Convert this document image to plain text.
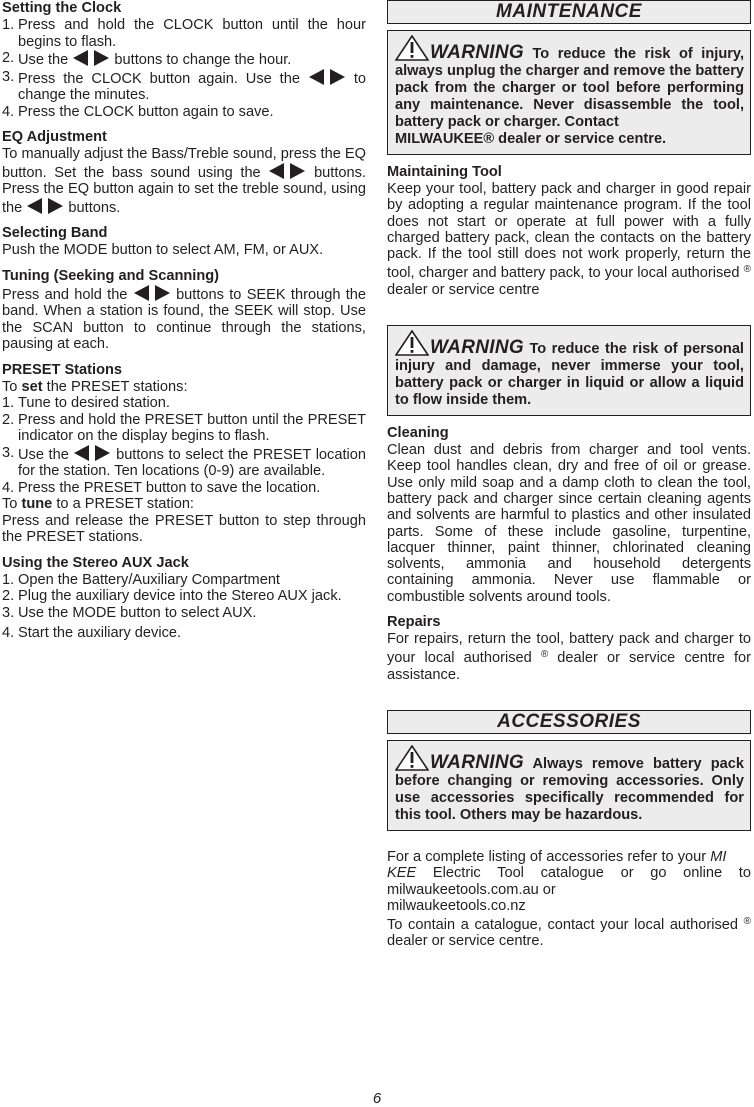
Setting the Clock
1. Press and hold the CLOCK button until the hour begins to flash.
2. Use the	buttons to change the hour.
3. Press the CLOCK button again. Use the	to change the minutes.
4. Press the CLOCK button again to save.
EQ Adjustment

To manually adjust the Bass/Treble sound, press the EQ button. Set the bass sound using the	buttons. Press the EQ button again to set the treble sound, using the	buttons.

Selecting Band

Push the MODE button to select AM, FM, or AUX.

Tuning (Seeking and Scanning)

Press and hold the	buttons to SEEK through the band. When a station is found, the SEEK will stop. Use the SCAN button to continue through the stations, pausing at each.

PRESET Stations

To set the PRESET stations:

1. Tune to desired station.
2. Press and hold the PRESET button until the PRESET indicator on the display begins to flash.
3. Use the	buttons to select the PRESET location for the station. Ten locations (0-9) are available.
4. Press the PRESET button to save the location.

To tune to a PRESET station:

Press and release the PRESET button to step through the PRESET stations.

Using the Stereo AUX Jack
1. Open the Battery/Auxiliary Compartment
2. Plug the auxiliary device into the Stereo AUX jack.
3. Use the MODE button to select AUX.
4. Start the auxiliary device.
MAINTENANCE
WARNING To reduce the risk of injury, always unplug the charger and remove the battery pack from the charger or tool before performing any maintenance. Never disassemble the tool, battery pack or charger. Contact
MILWAUKEE® dealer or service centre.
Maintaining Tool

Keep your tool, battery pack and charger in good repair by adopting a regular maintenance program. If the tool does not start or operate at full power with a fully charged battery pack, clean the contacts on the battery pack. If the tool still does not work properly, return the tool, charger and battery pack, to your local authorised ® dealer or service centre

WARNING To reduce the risk of personal injury and damage, never immerse your tool, battery pack or charger in liquid or allow a liquid to flow inside them.
Cleaning

Clean dust and debris from charger and tool vents. Keep tool handles clean, dry and free of oil or grease. Use only mild soap and a damp cloth to clean the tool, battery pack and charger since certain cleaning agents and solvents are harmful to plastics and other insulated parts. Some of these include gasoline, turpentine, lacquer thinner, paint thinner, chlorinated cleaning solvents, ammonia and household detergents containing ammonia. Never use flammable or combustible solvents around tools.

Repairs

For repairs, return the tool, battery pack and charger to your local authorised ® dealer or service centre for assistance.

ACCESSORIES
WARNING Always remove battery pack before changing or removing accessories. Only use accessories specifically recommended for this tool. Others may be hazardous.

For a complete listing of accessories refer to your MI       KEE Electric Tool catalogue or go online to milwaukeetools.com.au or
milwaukeetools.co.nz

To contain a catalogue, contact your local authorised ® dealer or service centre.

6
